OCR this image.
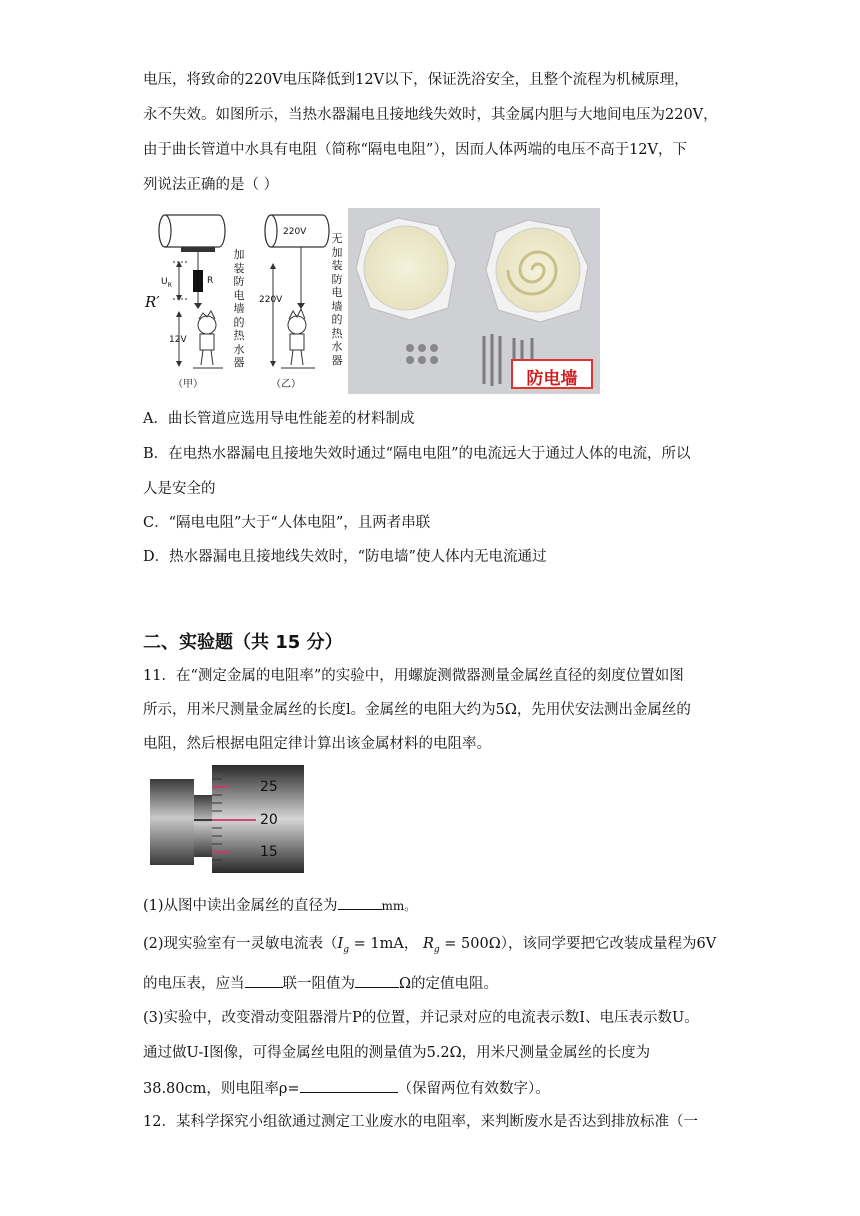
电压，将致命的220V电压降低到12V以下，保证洗浴安全，且整个流程为机械原理，
永不失效。如图所示，当热水器漏电且接地线失效时，其金属内胆与大地间电压为220V，
由于曲长管道中水具有电阻（简称“隔电电阻”），因而人体两端的电压不高于12V，下
列说法正确的是（ ）
220V
R
$U_R$
R′
12V
（甲）
加装防电墙的热水器
220V
220V
（乙）
无加装防电墙的热水器
防电墙
A．曲长管道应选用导电性能差的材料制成
B．在电热水器漏电且接地失效时通过“隔电电阻”的电流远大于通过人体的电流，所以
人是安全的
C．“隔电电阻”大于“人体电阻”，且两者串联
D．热水器漏电且接地线失效时，“防电墙”使人体内无电流通过
二、实验题（共 15 分）
11．在“测定金属的电阻率”的实验中，用螺旋测微器测量金属丝直径的刻度位置如图
所示，用米尺测量金属丝的长度l。金属丝的电阻大约为5Ω，先用伏安法测出金属丝的
电阻，然后根据电阻定律计算出该金属材料的电阻率。
25
20
15
(1)从图中读出金属丝的直径为	mm。
(2)现实验室有一灵敏电流表（$I_g = 1mA$， $R_g = 500\Omega$），该同学要把它改装成量程为6V
的电压表，应当	联一阻值为	Ω的定值电阻。
(3)实验中，改变滑动变阻器滑片P的位置，并记录对应的电流表示数I、电压表示数U。
通过做U-I图像，可得金属丝电阻的测量值为5.2Ω，用米尺测量金属丝的长度为
38.80cm，则电阻率ρ=	（保留两位有效数字）。
12．某科学探究小组欲通过测定工业废水的电阻率，来判断废水是否达到排放标准（一
